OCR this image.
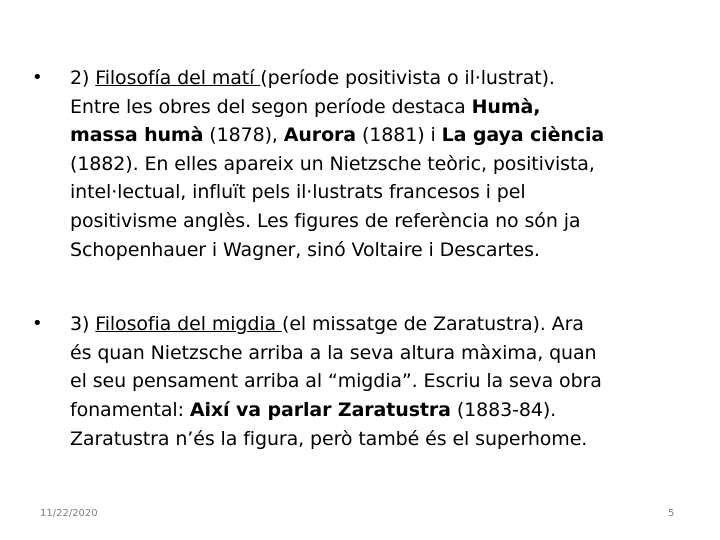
• 2) Filosofía del matí (període positivista o il·lustrat).
Entre les obres del segon període destaca Humà,
massa humà (1878), Aurora (1881) i La gaya ciència
(1882). En elles apareix un Nietzsche teòric, positivista,
intel·lectual, influït pels il·lustrats francesos i pel
positivisme anglès. Les figures de referència no són ja
Schopenhauer i Wagner, sinó Voltaire i Descartes.
• 3) Filosofia del migdia (el missatge de Zaratustra). Ara
és quan Nietzsche arriba a la seva altura màxima, quan
el seu pensament arriba al “migdia”. Escriu la seva obra
fonamental: Així va parlar Zaratustra (1883-84).
Zaratustra n’és la figura, però també és el superhome.
11/22/2020	5
